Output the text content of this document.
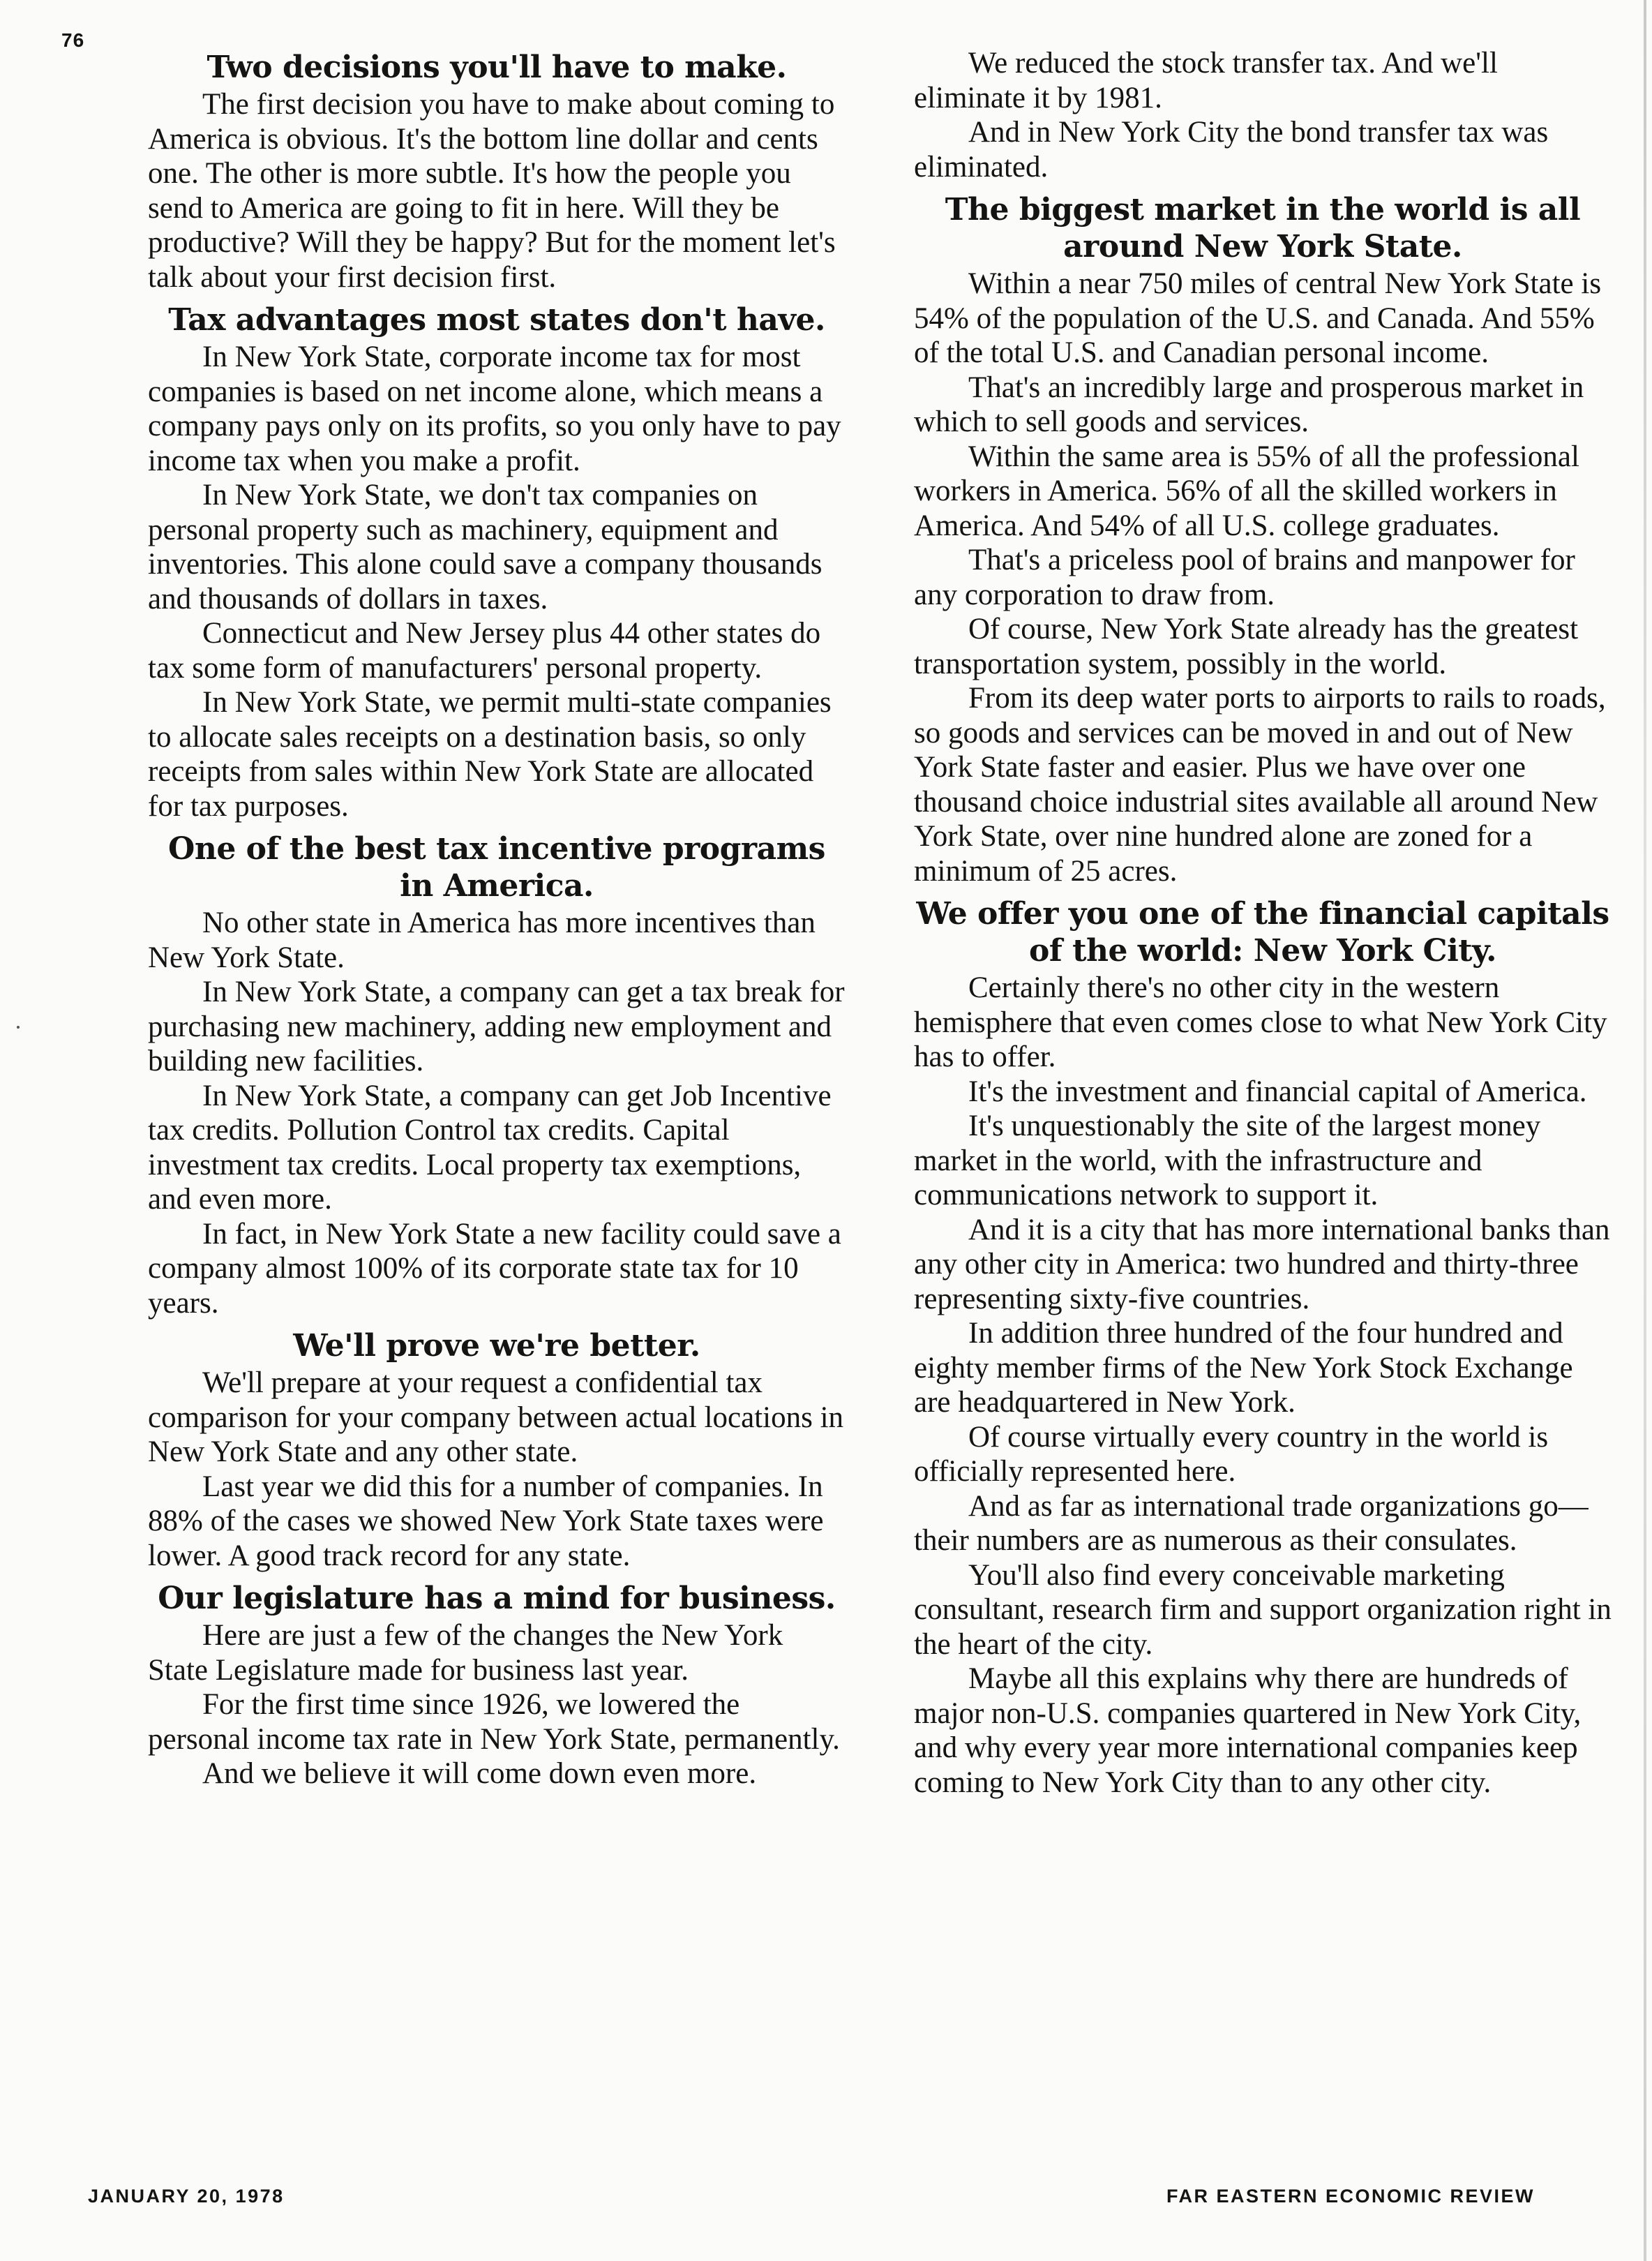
76
Two decisions you'll have to make.

The first decision you have to make about coming to America is obvious. It's the bottom line dollar and cents one. The other is more subtle. It's how the people you send to America are going to fit in here. Will they be productive? Will they be happy? But for the moment let's talk about your first decision first.

Tax advantages most states don't have.

In New York State, corporate income tax for most companies is based on net income alone, which means a company pays only on its profits, so you only have to pay income tax when you make a profit.

In New York State, we don't tax companies on personal property such as machinery, equipment and inventories. This alone could save a company thousands and thousands of dollars in taxes.

Connecticut and New Jersey plus 44 other states do tax some form of manufacturers' personal property.

In New York State, we permit multi-state companies to allocate sales receipts on a destination basis, so only receipts from sales within New York State are allocated for tax purposes.

One of the best tax incentive programs in America.

No other state in America has more incentives than New York State.

In New York State, a company can get a tax break for purchasing new machinery, adding new employment and building new facilities.

In New York State, a company can get Job Incentive tax credits. Pollution Control tax credits. Capital investment tax credits. Local property tax exemptions, and even more.

In fact, in New York State a new facility could save a company almost 100% of its corporate state tax for 10 years.

We'll prove we're better.

We'll prepare at your request a confidential tax comparison for your company between actual locations in New York State and any other state.

Last year we did this for a number of companies. In 88% of the cases we showed New York State taxes were lower. A good track record for any state.

Our legislature has a mind for business.

Here are just a few of the changes the New York State Legislature made for business last year.

For the first time since 1926, we lowered the personal income tax rate in New York State, permanently.

And we believe it will come down even more.

We reduced the stock transfer tax. And we'll eliminate it by 1981.

And in New York City the bond transfer tax was eliminated.

The biggest market in the world is all around New York State.

Within a near 750 miles of central New York State is 54% of the population of the U.S. and Canada. And 55% of the total U.S. and Canadian personal income.

That's an incredibly large and prosperous market in which to sell goods and services.

Within the same area is 55% of all the professional workers in America. 56% of all the skilled workers in America. And 54% of all U.S. college graduates.

That's a priceless pool of brains and manpower for any corporation to draw from.

Of course, New York State already has the greatest transportation system, possibly in the world.

From its deep water ports to airports to rails to roads, so goods and services can be moved in and out of New York State faster and easier. Plus we have over one thousand choice industrial sites available all around New York State, over nine hundred alone are zoned for a minimum of 25 acres.

We offer you one of the financial capitals of the world: New York City.

Certainly there's no other city in the western hemisphere that even comes close to what New York City has to offer.

It's the investment and financial capital of America.

It's unquestionably the site of the largest money market in the world, with the infrastructure and communications network to support it.

And it is a city that has more international banks than any other city in America: two hundred and thirty-three representing sixty-five countries.

In addition three hundred of the four hundred and eighty member firms of the New York Stock Exchange are headquartered in New York.

Of course virtually every country in the world is officially represented here.

And as far as international trade organizations go—their numbers are as numerous as their consulates.

You'll also find every conceivable marketing consultant, research firm and support organization right in the heart of the city.

Maybe all this explains why there are hundreds of major non-U.S. companies quartered in New York City, and why every year more international companies keep coming to New York City than to any other city.

JANUARY 20, 1978	FAR EASTERN ECONOMIC REVIEW
